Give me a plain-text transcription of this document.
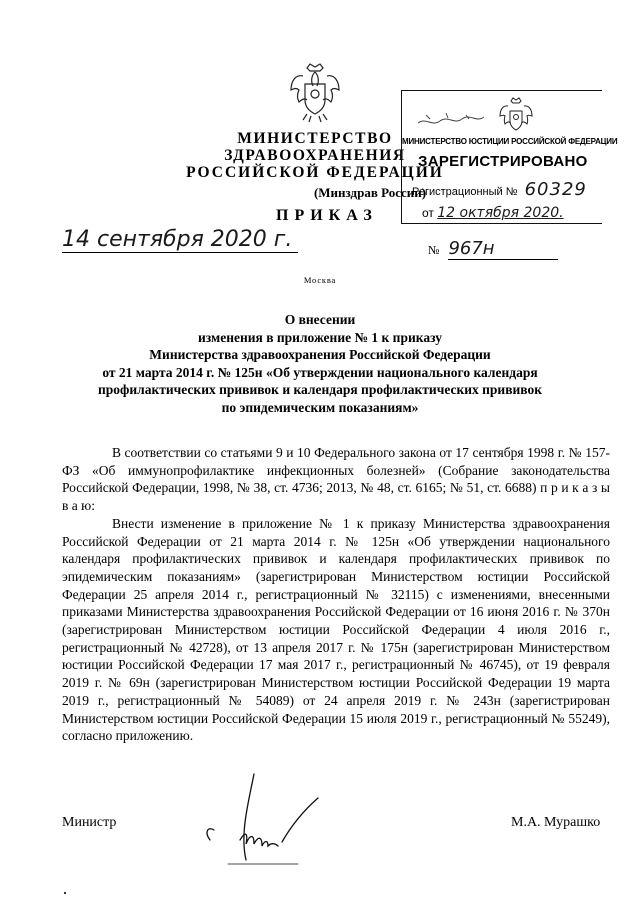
МИНИСТЕРСТВО ЗДРАВООХРАНЕНИЯ
РОССИЙСКОЙ ФЕДЕРАЦИИ
(Минздрав России)
ПРИКАЗ
МИНИСТЕРСТВО ЮСТИЦИИ РОССИЙСКОЙ ФЕДЕРАЦИИ
ЗАРЕГИСТРИРОВАНО
Регистрационный № 60329
от 12 октября 2020.
14 сентября 2020 г.	№ 967н
Москва
О внесении
изменения в приложение № 1 к приказу
Министерства здравоохранения Российской Федерации
от 21 марта 2014 г. № 125н «Об утверждении национального календаря
профилактических прививок и календаря профилактических прививок
по эпидемическим показаниям»

В соответствии со статьями 9 и 10 Федерального закона от 17 сентября 1998 г. № 157-ФЗ «Об иммунопрофилактике инфекционных болезней» (Собрание законодательства Российской Федерации, 1998, № 38, ст. 4736; 2013, № 48, ст. 6165; № 51, ст. 6688) п р и к а з ы в а ю:

Внести изменение в приложение № 1 к приказу Министерства здравоохранения Российской Федерации от 21 марта 2014 г. № 125н «Об утверждении национального календаря профилактических прививок и календаря профилактических прививок по эпидемическим показаниям» (зарегистрирован Министерством юстиции Российской Федерации 25 апреля 2014 г., регистрационный № 32115) с изменениями, внесенными приказами Министерства здравоохранения Российской Федерации от 16 июня 2016 г. № 370н (зарегистрирован Министерством юстиции Российской Федерации 4 июля 2016 г., регистрационный № 42728), от 13 апреля 2017 г. № 175н (зарегистрирован Министерством юстиции Российской Федерации 17 мая 2017 г., регистрационный № 46745), от 19 февраля 2019 г. № 69н (зарегистрирован Министерством юстиции Российской Федерации 19 марта 2019 г., регистрационный № 54089) от 24 апреля 2019 г. № 243н (зарегистрирован Министерством юстиции Российской Федерации 15 июля 2019 г., регистрационный № 55249), согласно приложению.

Министр	М.А. Мурашко
